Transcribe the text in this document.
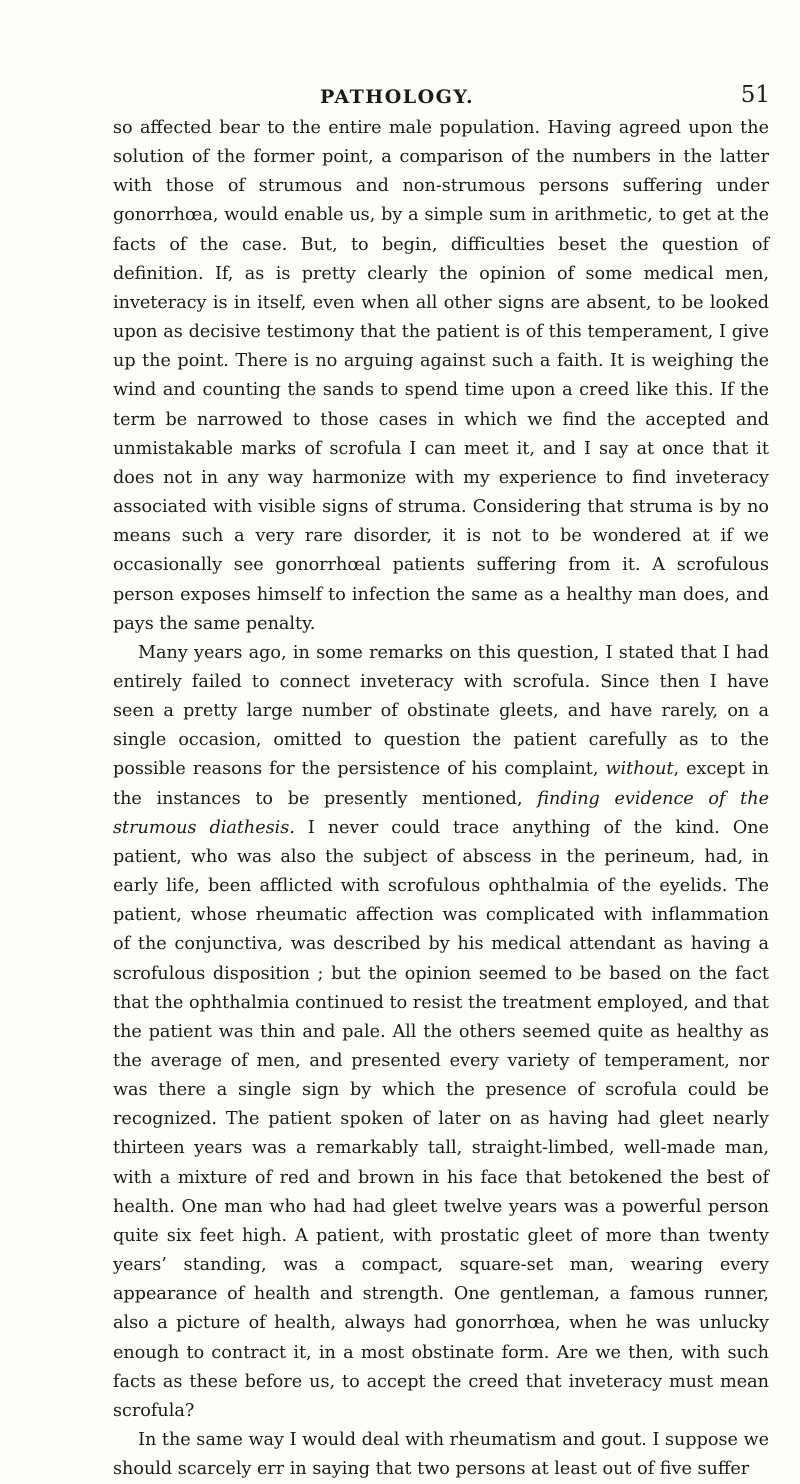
PATHOLOGY.	51

so affected bear to the entire male population. Having agreed upon the solution of the former point, a comparison of the numbers in the latter with those of strumous and non-strumous persons suffering under gonorrhœa, would enable us, by a simple sum in arithmetic, to get at the facts of the case. But, to begin, difficulties beset the question of definition. If, as is pretty clearly the opinion of some medical men, inveteracy is in itself, even when all other signs are absent, to be looked upon as decisive testimony that the patient is of this temperament, I give up the point. There is no arguing against such a faith. It is weighing the wind and counting the sands to spend time upon a creed like this. If the term be narrowed to those cases in which we find the accepted and unmistakable marks of scrofula I can meet it, and I say at once that it does not in any way harmonize with my experience to find inveteracy associated with visible signs of struma. Considering that struma is by no means such a very rare disorder, it is not to be wondered at if we occasionally see gonorrhœal patients suffering from it. A scrofulous person exposes himself to infection the same as a healthy man does, and pays the same penalty.

Many years ago, in some remarks on this question, I stated that I had entirely failed to connect inveteracy with scrofula. Since then I have seen a pretty large number of obstinate gleets, and have rarely, on a single occasion, omitted to question the patient carefully as to the possible reasons for the persistence of his complaint, without, except in the instances to be presently mentioned, finding evidence of the strumous diathesis. I never could trace anything of the kind. One patient, who was also the subject of abscess in the perineum, had, in early life, been afflicted with scrofulous ophthalmia of the eyelids. The patient, whose rheumatic affection was complicated with inflammation of the conjunctiva, was described by his medical attendant as having a scrofulous disposition ; but the opinion seemed to be based on the fact that the ophthalmia continued to resist the treatment employed, and that the patient was thin and pale. All the others seemed quite as healthy as the average of men, and presented every variety of temperament, nor was there a single sign by which the presence of scrofula could be recognized. The patient spoken of later on as having had gleet nearly thirteen years was a remarkably tall, straight-limbed, well-made man, with a mixture of red and brown in his face that betokened the best of health. One man who had had gleet twelve years was a powerful person quite six feet high. A patient, with prostatic gleet of more than twenty years’ standing, was a compact, square-set man, wearing every appearance of health and strength. One gentleman, a famous runner, also a picture of health, always had gonorrhœa, when he was unlucky enough to contract it, in a most obstinate form. Are we then, with such facts as these before us, to accept the creed that inveteracy must mean scrofula?

In the same way I would deal with rheumatism and gout. I suppose we should scarcely err in saying that two persons at least out of five suffer
